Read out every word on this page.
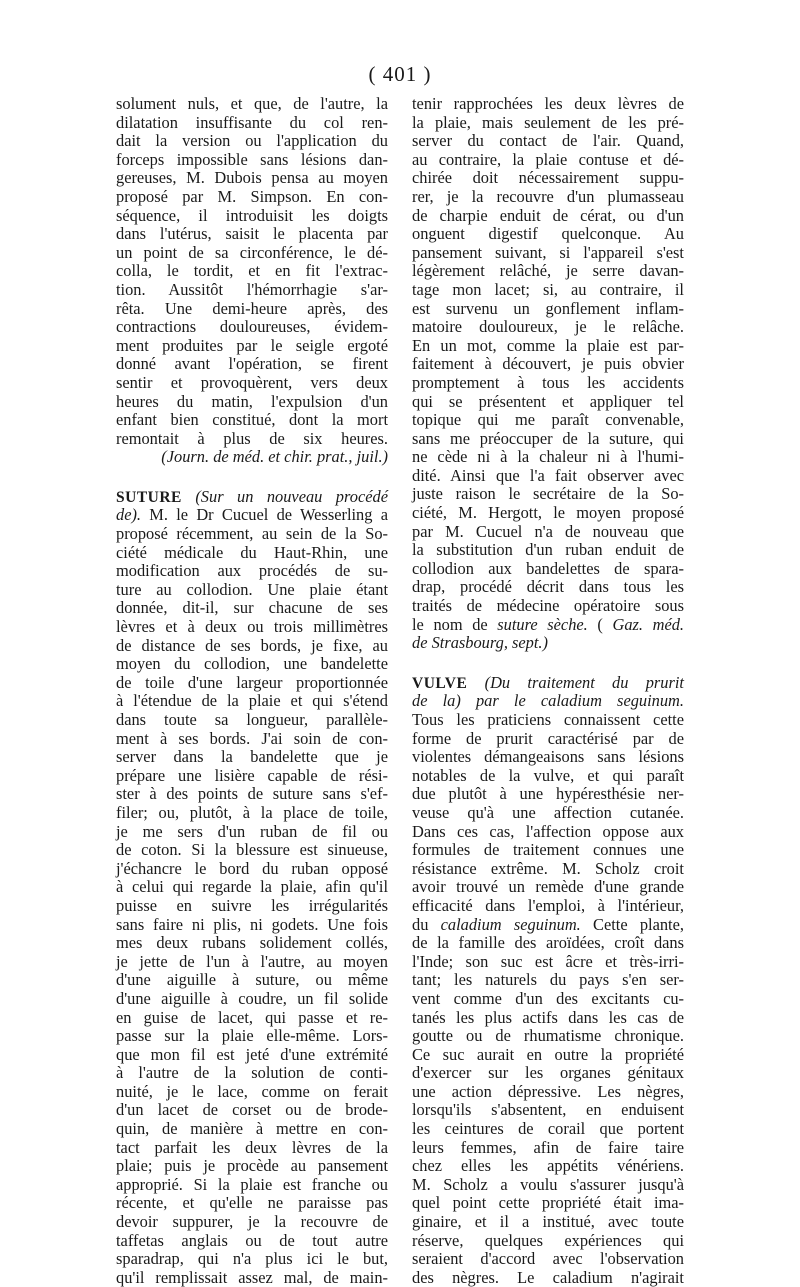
( 401 )
solument nuls, et que, de l'autre, la
dilatation insuffisante du col ren-
dait la version ou l'application du
forceps impossible sans lésions dan-
gereuses, M. Dubois pensa au moyen
proposé par M. Simpson. En con-
séquence, il introduisit les doigts
dans l'utérus, saisit le placenta par
un point de sa circonférence, le dé-
colla, le tordit, et en fit l'extrac-
tion. Aussitôt l'hémorrhagie s'ar-
rêta. Une demi-heure après, des
contractions douloureuses, évidem-
ment produites par le seigle ergoté
donné avant l'opération, se firent
sentir et provoquèrent, vers deux
heures du matin, l'expulsion d'un
enfant bien constitué, dont la mort
remontait à plus de six heures.
(Journ. de méd. et chir. prat., juil.)
SUTURE (Sur un nouveau procédé
de). M. le Dr Cucuel de Wesserling a
proposé récemment, au sein de la So-
ciété médicale du Haut-Rhin, une
modification aux procédés de su-
ture au collodion. Une plaie étant
donnée, dit-il, sur chacune de ses
lèvres et à deux ou trois millimètres
de distance de ses bords, je fixe, au
moyen du collodion, une bandelette
de toile d'une largeur proportionnée
à l'étendue de la plaie et qui s'étend
dans toute sa longueur, parallèle-
ment à ses bords. J'ai soin de con-
server dans la bandelette que je
prépare une lisière capable de rési-
ster à des points de suture sans s'ef-
filer; ou, plutôt, à la place de toile,
je me sers d'un ruban de fil ou
de coton. Si la blessure est sinueuse,
j'échancre le bord du ruban opposé
à celui qui regarde la plaie, afin qu'il
puisse en suivre les irrégularités
sans faire ni plis, ni godets. Une fois
mes deux rubans solidement collés,
je jette de l'un à l'autre, au moyen
d'une aiguille à suture, ou même
d'une aiguille à coudre, un fil solide
en guise de lacet, qui passe et re-
passe sur la plaie elle-même. Lors-
que mon fil est jeté d'une extrémité
à l'autre de la solution de conti-
nuité, je le lace, comme on ferait
d'un lacet de corset ou de brode-
quin, de manière à mettre en con-
tact parfait les deux lèvres de la
plaie; puis je procède au pansement
approprié. Si la plaie est franche ou
récente, et qu'elle ne paraisse pas
devoir suppurer, je la recouvre de
taffetas anglais ou de tout autre
sparadrap, qui n'a plus ici le but,
qu'il remplissait assez mal, de main-
tenir rapprochées les deux lèvres de
la plaie, mais seulement de les pré-
server du contact de l'air. Quand,
au contraire, la plaie contuse et dé-
chirée doit nécessairement suppu-
rer, je la recouvre d'un plumasseau
de charpie enduit de cérat, ou d'un
onguent digestif quelconque. Au
pansement suivant, si l'appareil s'est
légèrement relâché, je serre davan-
tage mon lacet; si, au contraire, il
est survenu un gonflement inflam-
matoire douloureux, je le relâche.
En un mot, comme la plaie est par-
faitement à découvert, je puis obvier
promptement à tous les accidents
qui se présentent et appliquer tel
topique qui me paraît convenable,
sans me préoccuper de la suture, qui
ne cède ni à la chaleur ni à l'humi-
dité. Ainsi que l'a fait observer avec
juste raison le secrétaire de la So-
ciété, M. Hergott, le moyen proposé
par M. Cucuel n'a de nouveau que
la substitution d'un ruban enduit de
collodion aux bandelettes de spara-
drap, procédé décrit dans tous les
traités de médecine opératoire sous
le nom de suture sèche. ( Gaz. méd.
de Strasbourg, sept.)
VULVE (Du traitement du prurit
de la) par le caladium seguinum.
Tous les praticiens connaissent cette
forme de prurit caractérisé par de
violentes démangeaisons sans lésions
notables de la vulve, et qui paraît
due plutôt à une hypéresthésie ner-
veuse qu'à une affection cutanée.
Dans ces cas, l'affection oppose aux
formules de traitement connues une
résistance extrême. M. Scholz croit
avoir trouvé un remède d'une grande
efficacité dans l'emploi, à l'intérieur,
du caladium seguinum. Cette plante,
de la famille des aroïdées, croît dans
l'Inde; son suc est âcre et très-irri-
tant; les naturels du pays s'en ser-
vent comme d'un des excitants cu-
tanés les plus actifs dans les cas de
goutte ou de rhumatisme chronique.
Ce suc aurait en outre la propriété
d'exercer sur les organes génitaux
une action dépressive. Les nègres,
lorsqu'ils s'absentent, en enduisent
les ceintures de corail que portent
leurs femmes, afin de faire taire
chez elles les appétits vénériens.
M. Scholz a voulu s'assurer jusqu'à
quel point cette propriété était ima-
ginaire, et il a institué, avec toute
réserve, quelques expériences qui
seraient d'accord avec l'observation
des nègres. Le caladium n'agirait
